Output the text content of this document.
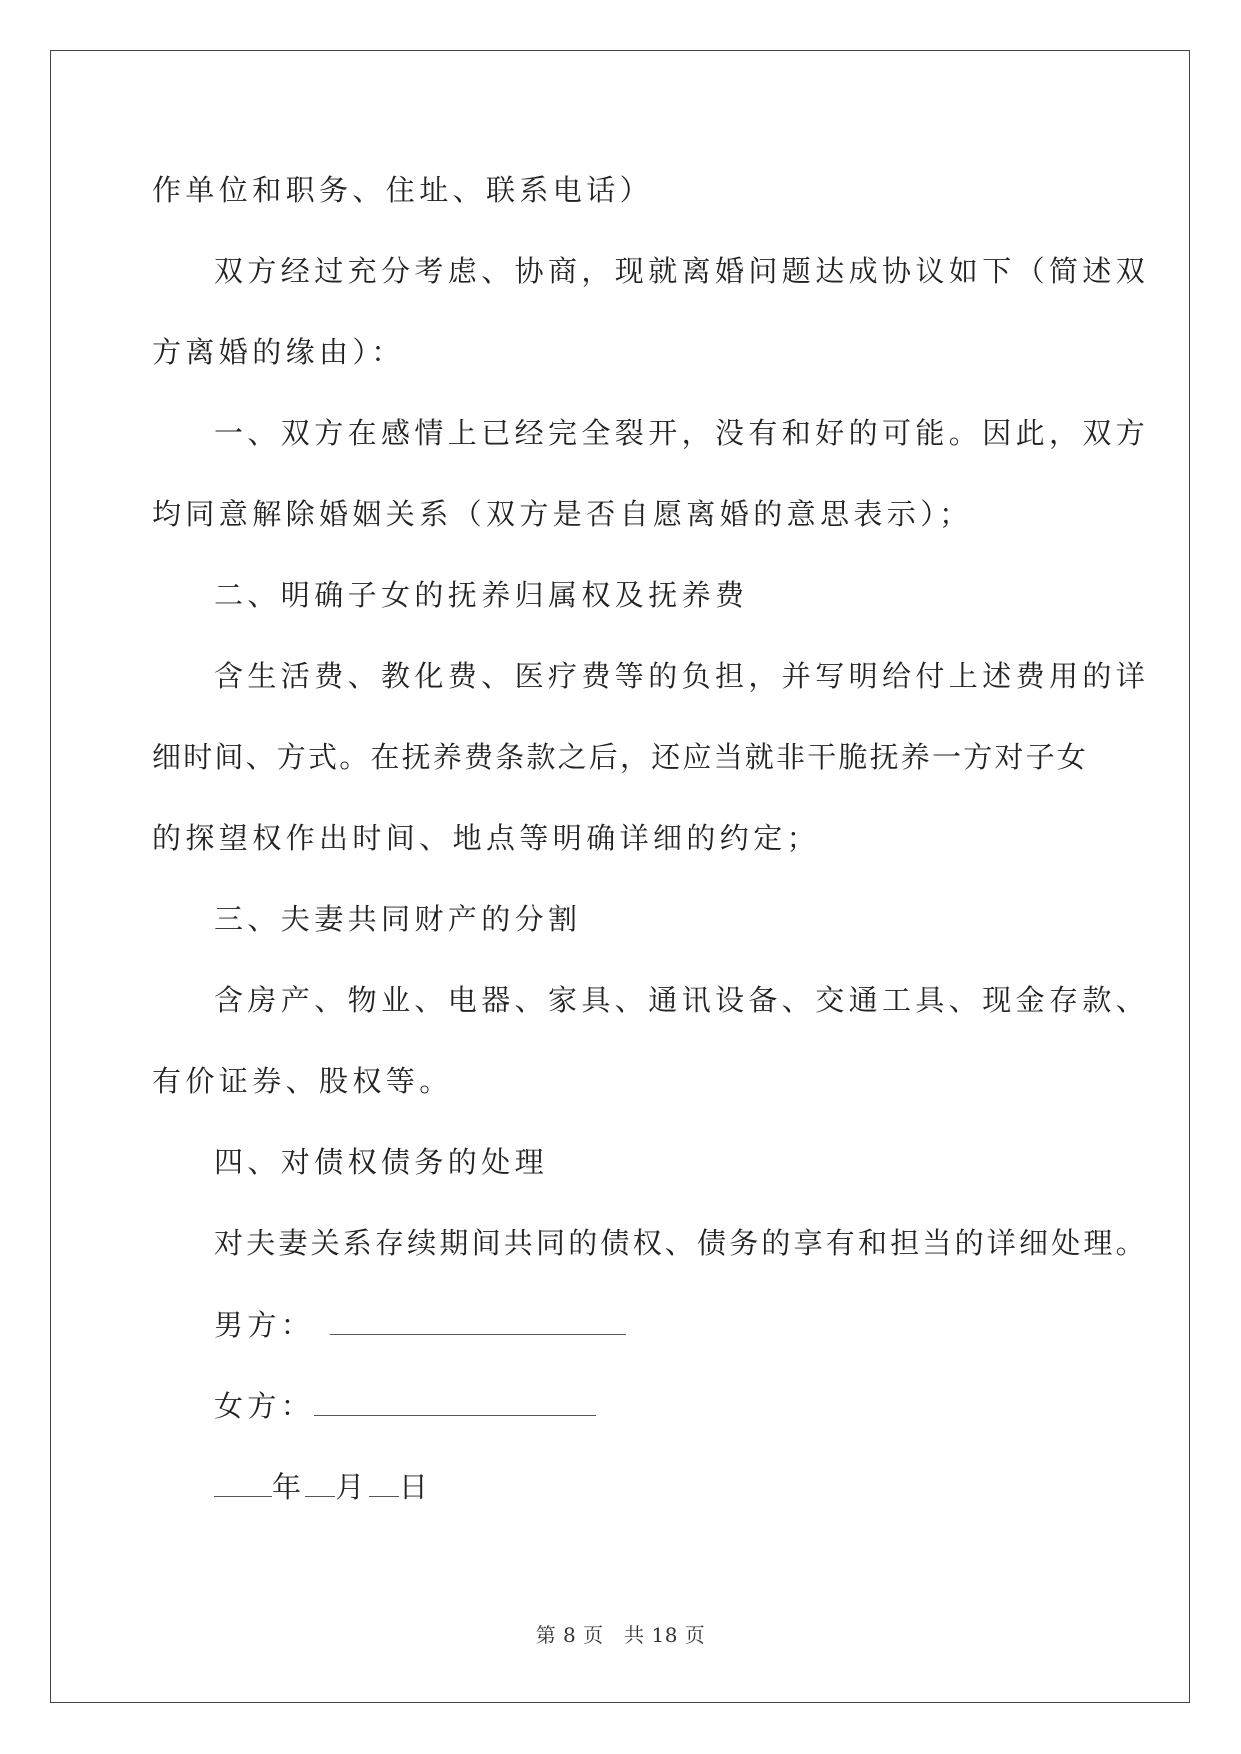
作单位和职务、住址、联系电话）
双方经过充分考虑、协商，现就离婚问题达成协议如下（简述双
方离婚的缘由）：
一、双方在感情上已经完全裂开，没有和好的可能。因此，双方
均同意解除婚姻关系（双方是否自愿离婚的意思表示）；
二、明确子女的抚养归属权及抚养费
含生活费、教化费、医疗费等的负担，并写明给付上述费用的详
细时间、方式。在抚养费条款之后，还应当就非干脆抚养一方对子女
的探望权作出时间、地点等明确详细的约定；
三、夫妻共同财产的分割
含房产、物业、电器、家具、通讯设备、交通工具、现金存款、
有价证券、股权等。
四、对债权债务的处理
对夫妻关系存续期间共同的债权、债务的享有和担当的详细处理。
男方：
女方：
年 月 日
第 8 页　共 18 页
